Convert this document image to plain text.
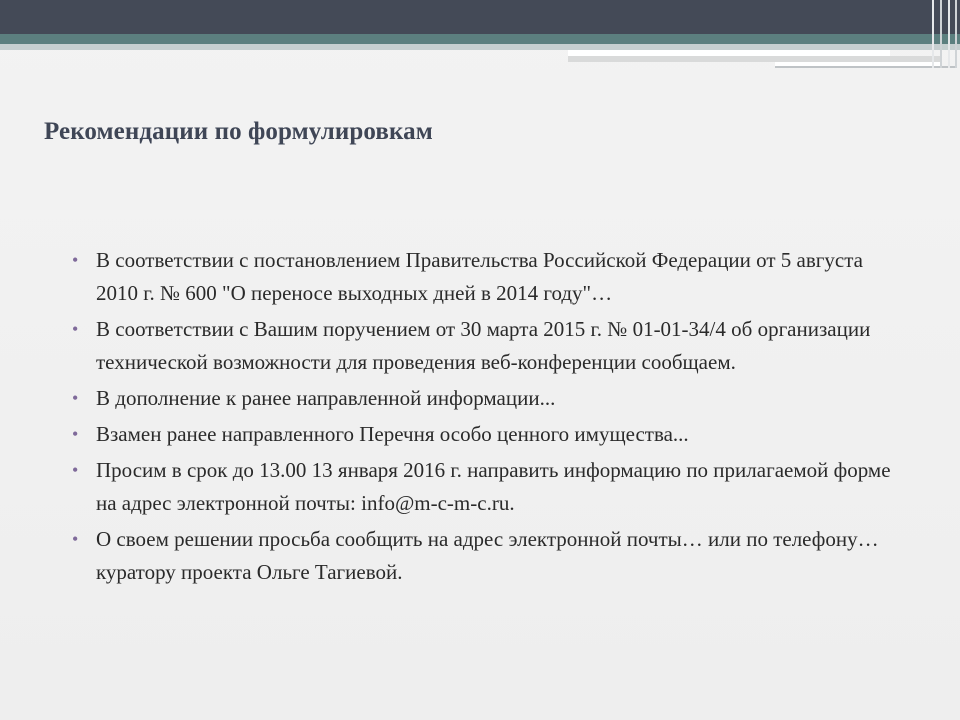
Рекомендации по формулировкам
• В соответствии с постановлением Правительства Российской Федерации от 5 августа 2010 г. № 600 "О переносе выходных дней в 2014 году"…
• В соответствии с Вашим поручением от 30 марта 2015 г. № 01-01-34/4 об организации технической возможности для проведения веб-конференции сообщаем.
• В дополнение к ранее направленной информации...
• Взамен ранее направленного Перечня особо ценного имущества...
• Просим в срок до 13.00 13 января 2016 г. направить информацию по прилагаемой форме на адрес электронной почты: info@m-c-m-c.ru.
• О своем решении просьба сообщить на адрес электронной почты… или по телефону… куратору проекта Ольге Тагиевой.
